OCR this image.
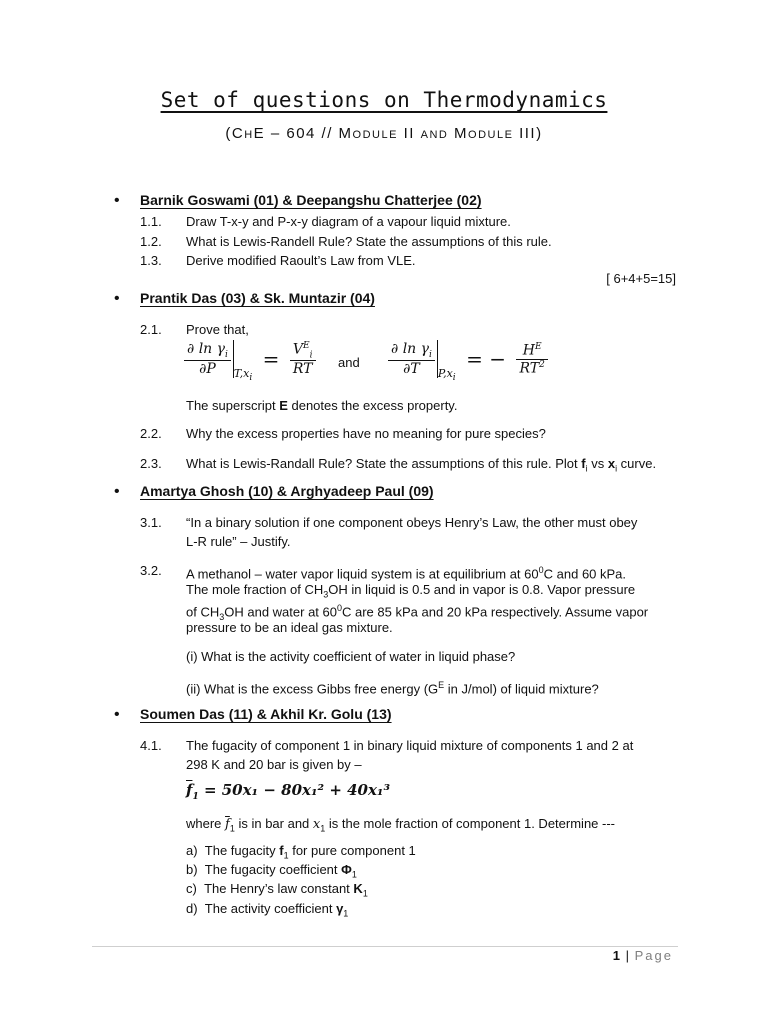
Set of questions on Thermodynamics
(ChE – 604 // Module II and Module III)
• Barnik Goswami (01) & Deepangshu Chatterjee (02)
1.1. Draw T-x-y and P-x-y diagram of a vapour liquid mixture.
1.2. What is Lewis-Randell Rule? State the assumptions of this rule.
1.3. Derive modified Raoult’s Law from VLE.
[ 6+4+5=15]
• Prantik Das (03) & Sk. Muntazir (04)
2.1. Prove that,
$\frac{\partial \ln \gamma_i}{\partial P} _{T,x_i} = \frac{V^E_i}{RT}$ and $\frac{\partial \ln \gamma_i}{\partial T} _{P,x_i}$ = − $\frac{H^E}{RT^2}$
The superscript E denotes the excess property.
2.2. Why the excess properties have no meaning for pure species?
2.3. What is Lewis-Randall Rule? State the assumptions of this rule. Plot $f_i$ vs $x_i$ curve.
• Amartya Ghosh (10) & Arghyadeep Paul (09)
3.1. “In a binary solution if one component obeys Henry’s Law, the other must obey
L-R rule” – Justify.
3.2. A methanol – water vapor liquid system is at equilibrium at $60^0C$ and 60 kPa.
The mole fraction of $CH_3OH$ in liquid is 0.5 and in vapor is 0.8. Vapor pressure
of $CH_3OH$ and water at $60^0C$ are 85 kPa and 20 kPa respectively. Assume vapor
pressure to be an ideal gas mixture.
(i) What is the activity coefficient of water in liquid phase?
(ii) What is the excess Gibbs free energy ($G^E$ in J/mol) of liquid mixture?
• Soumen Das (11) & Akhil Kr. Golu (13)
4.1. The fugacity of component 1 in binary liquid mixture of components 1 and 2 at
298 K and 20 bar is given by –
$\overline{f}_1 = 50x_1 - 80x_1^2 + 40x_1^3$
where $\overline{f}_1$ is in bar and $x_1$ is the mole fraction of component 1. Determine ---
a) The fugacity $f_1$ for pure component 1
b) The fugacity coefficient $\Phi_1$
c) The Henry’s law constant $K_1$
d) The activity coefficient $\gamma_1$
1 | Page
